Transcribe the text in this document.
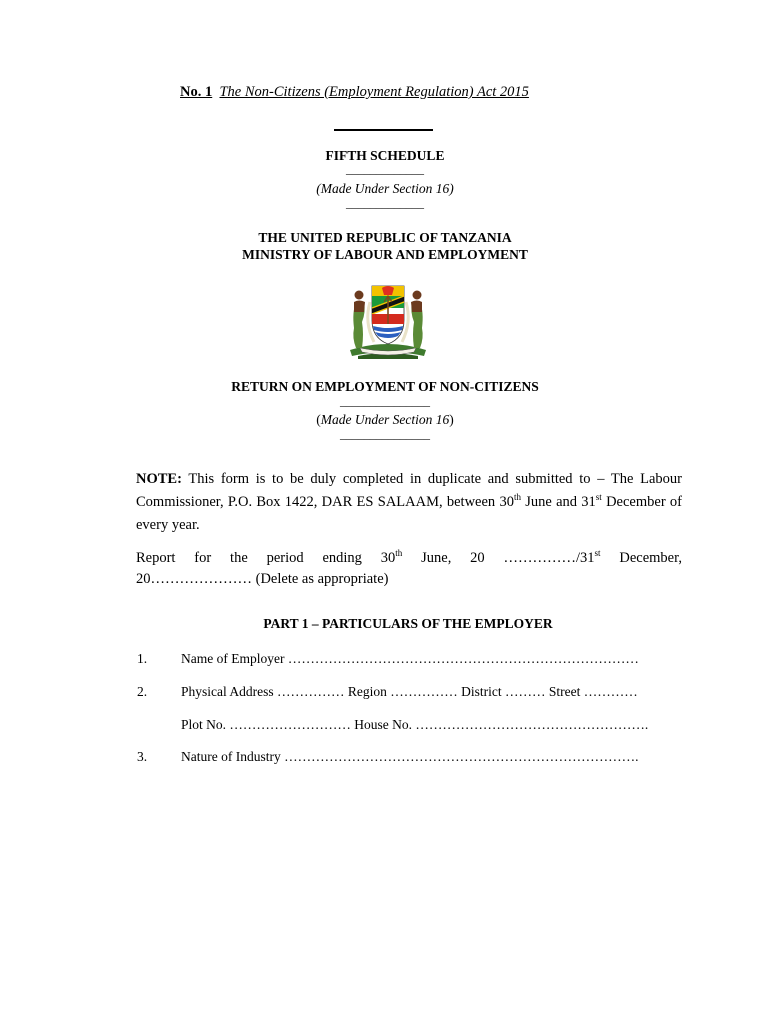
No. 1 The Non-Citizens (Employment Regulation) Act 2015
FIFTH SCHEDULE
_____________
(Made Under Section 16)
_____________
THE UNITED REPUBLIC OF TANZANIA
MINISTRY OF LABOUR AND EMPLOYMENT
RETURN ON EMPLOYMENT OF NON-CITIZENS
_______________
(Made Under Section 16)
_______________
NOTE: This form is to be duly completed in duplicate and submitted to – The Labour Commissioner, P.O. Box 1422, DAR ES SALAAM, between 30th June and 31st December of every year.
Report for the period ending 30th June, 20 ……………/31st December,
20………………… (Delete as appropriate)
PART 1 – PARTICULARS OF THE EMPLOYER
1.	Name of Employer ……………………………………………………………………
2.	Physical Address …………… Region …………… District ……… Street …………
Plot No. ……………………… House No. …………………………………………….
3.	Nature of Industry …………………………………………………………………….
